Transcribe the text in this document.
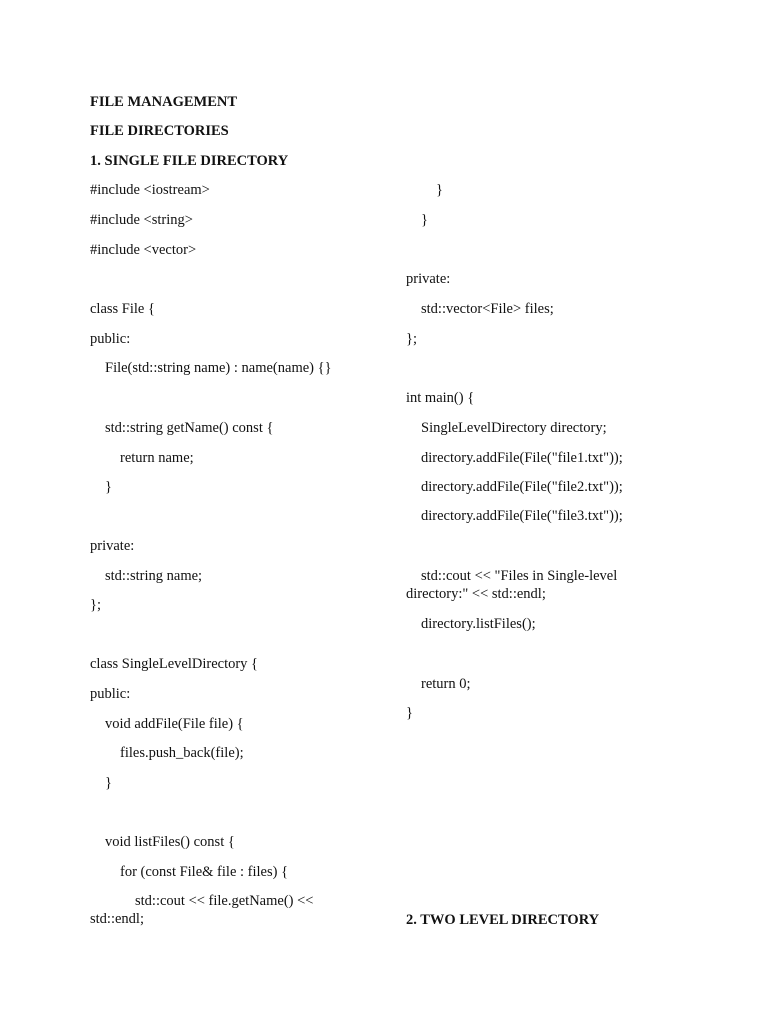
FILE MANAGEMENT
FILE DIRECTORIES
1. SINGLE FILE DIRECTORY
#include <iostream>
#include <string>
#include <vector>
class File {
public:
File(std::string name) : name(name) {}
std::string getName() const {
return name;
}
private:
std::string name;
};
class SingleLevelDirectory {
public:
void addFile(File file) {
files.push_back(file);
}
void listFiles() const {
for (const File& file : files) {
std::cout << file.getName() <<
std::endl;
}
}
private:
std::vector<File> files;
};
int main() {
SingleLevelDirectory directory;
directory.addFile(File("file1.txt"));
directory.addFile(File("file2.txt"));
directory.addFile(File("file3.txt"));
std::cout << "Files in Single-level
directory:" << std::endl;
directory.listFiles();
return 0;
}
2. TWO LEVEL DIRECTORY
